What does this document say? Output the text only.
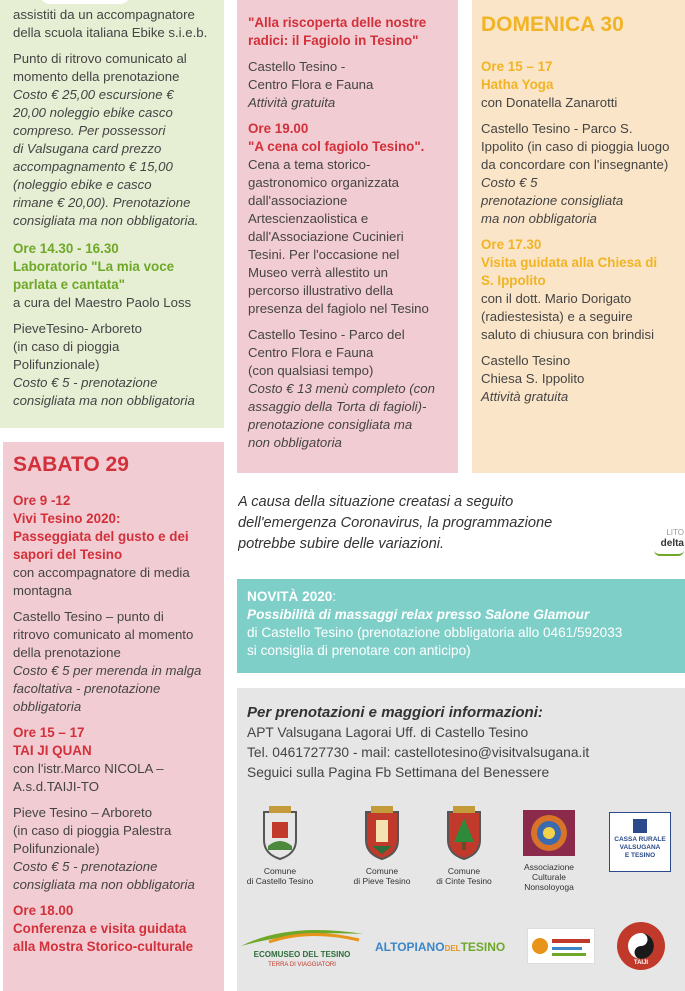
assistiti da un accompagnatore

della scuola italiana Ebike s.i.e.b.

Punto di ritrovo comunicato al

momento della prenotazione

Costo € 25,00 escursione €

20,00 noleggio ebike casco

compreso. Per possessori

di Valsugana card prezzo

accompagnamento € 15,00

(noleggio ebike e casco

rimane € 20,00). Prenotazione

consigliata ma non obbligatoria.

Ore 14.30 - 16.30

Laboratorio "La mia voce

parlata e cantata"

a cura del Maestro Paolo Loss

PieveTesino- Arboreto

(in caso di pioggia

Polifunzionale)

Costo € 5 - prenotazione

consigliata ma non obbligatoria

SABATO 29

Ore 9 -12

Vivi Tesino 2020:

Passeggiata del gusto e dei

sapori del Tesino

con accompagnatore di media

montagna

Castello Tesino – punto di

ritrovo comunicato al momento

della prenotazione

Costo € 5 per merenda in malga

facoltativa - prenotazione

obbligatoria

Ore 15 – 17

TAI JI QUAN

con l'istr.Marco NICOLA –

A.s.d.TAIJI-TO

Pieve Tesino – Arboreto

(in caso di pioggia Palestra

Polifunzionale)

Costo € 5 - prenotazione

consigliata ma non obbligatoria

Ore 18.00

Conferenza e visita guidata

alla Mostra Storico-culturale

"Alla riscoperta delle nostre

radici: il Fagiolo in Tesino"

Castello Tesino -

Centro Flora e Fauna

Attività gratuita

Ore 19.00

"A cena col fagiolo Tesino".

Cena a tema storico-

gastronomico organizzata

dall'associazione

Artescienzaolistica e

dall'Associazione Cucinieri

Tesini. Per l'occasione nel

Museo verrà allestito un

percorso illustrativo della

presenza del fagiolo nel Tesino

Castello Tesino - Parco del

Centro Flora e Fauna

(con qualsiasi tempo)

Costo € 13 menù completo (con

assaggio della Torta di fagioli)-

prenotazione consigliata ma

non obbligatoria

DOMENICA 30

Ore 15 – 17

Hatha Yoga

con Donatella Zanarotti

Castello Tesino - Parco S.

Ippolito (in caso di pioggia luogo

da concordare con l'insegnante)

Costo € 5

prenotazione consigliata

ma non obbligatoria

Ore 17.30

Visita guidata alla Chiesa di

S. Ippolito

con il dott. Mario Dorigato

(radiestesista) e a seguire

saluto di chiusura con brindisi

Castello Tesino

Chiesa S. Ippolito

Attività gratuita

A causa della situazione creatasi a seguito

dell'emergenza Coronavirus, la programmazione

potrebbe subire delle variazioni.

LITO
delta

NOVITÀ 2020:

Possibilità di massaggi relax presso Salone Glamour

di Castello Tesino (prenotazione obbligatoria allo 0461/592033

si consiglia di prenotare con anticipo)

Per prenotazioni e maggiori informazioni:

APT Valsugana Lagorai Uff. di Castello Tesino

Tel. 0461727730 - mail: castellotesino@visitvalsugana.it

Seguici sulla Pagina Fb Settimana del Benessere

Comune
di Castello Tesino
Comune
di Pieve Tesino
Comune
di Cinte Tesino
Associazione
Culturale
Nonsoloyoga
CASSA RURALE
VALSUGANA
E TESINO
ECOMUSEO DEL TESINO
TERRA DI VIAGGIATORI
ALTOPIANODELTESINO
TAIJI
